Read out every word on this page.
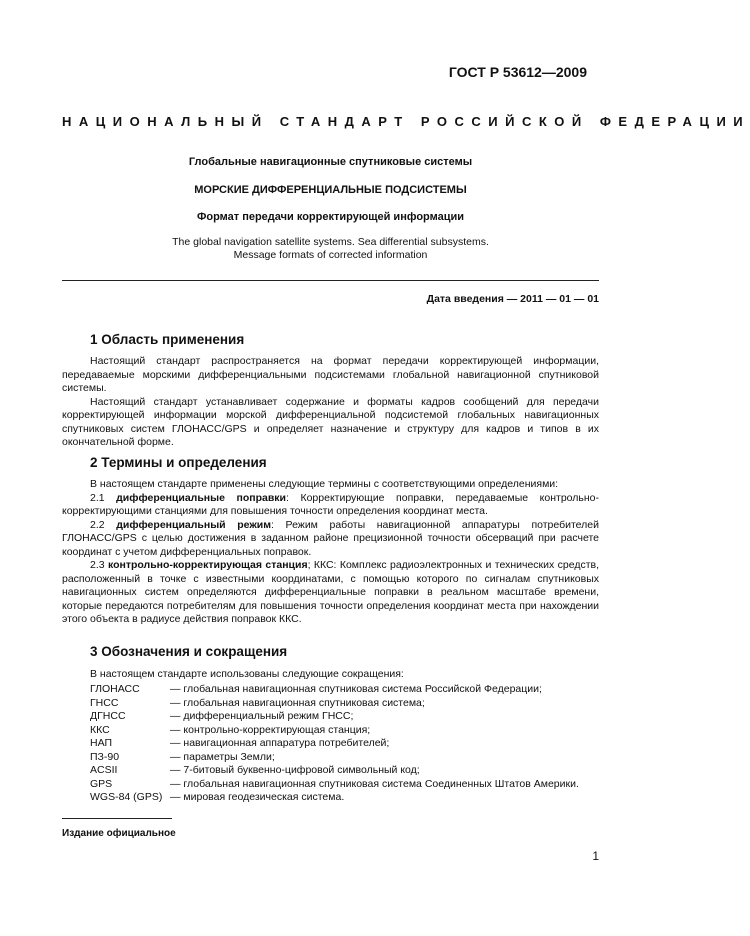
ГОСТ Р 53612—2009
НАЦИОНАЛЬНЫЙ СТАНДАРТ РОССИЙСКОЙ ФЕДЕРАЦИИ
Глобальные навигационные спутниковые системы
МОРСКИЕ ДИФФЕРЕНЦИАЛЬНЫЕ ПОДСИСТЕМЫ
Формат передачи корректирующей информации
The global navigation satellite systems. Sea differential subsystems.
Message formats of corrected information
Дата введения — 2011 — 01 — 01
1 Область применения

Настоящий стандарт распространяется на формат передачи корректирующей информации, передаваемые морскими дифференциальными подсистемами глобальной навигационной спутниковой системы.

Настоящий стандарт устанавливает содержание и форматы кадров сообщений для передачи корректирующей информации морской дифференциальной подсистемой глобальных навигационных спутниковых систем ГЛОНАСС/GPS и определяет назначение и структуру для кадров и типов в их окончательной форме.

2 Термины и определения

В настоящем стандарте применены следующие термины с соответствующими определениями:

2.1 дифференциальные поправки: Корректирующие поправки, передаваемые контрольно-корректирующими станциями для повышения точности определения координат места.

2.2 дифференциальный режим: Режим работы навигационной аппаратуры потребителей ГЛОНАСС/GPS с целью достижения в заданном районе прецизионной точности обсерваций при расчете координат с учетом дифференциальных поправок.

2.3 контрольно-корректирующая станция; ККС: Комплекс радиоэлектронных и технических средств, расположенный в точке с известными координатами, с помощью которого по сигналам спутниковых навигационных систем определяются дифференциальные поправки в реальном масштабе времени, которые передаются потребителям для повышения точности определения координат места при нахождении этого объекта в радиусе действия поправок ККС.

3 Обозначения и сокращения

В настоящем стандарте использованы следующие сокращения:

ГЛОНАСС	— глобальная навигационная спутниковая система Российской Федерации;
ГНСС	— глобальная навигационная спутниковая система;
ДГНСС	— дифференциальный режим ГНСС;
ККС	— контрольно-корректирующая станция;
НАП	— навигационная аппаратура потребителей;
ПЗ-90	— параметры Земли;
ACSII	— 7-битовый буквенно-цифровой символьный код;
GPS	— глобальная навигационная спутниковая система Соединенных Штатов Америки.
WGS-84 (GPS) — мировая геодезическая система.
Издание официальное
1
